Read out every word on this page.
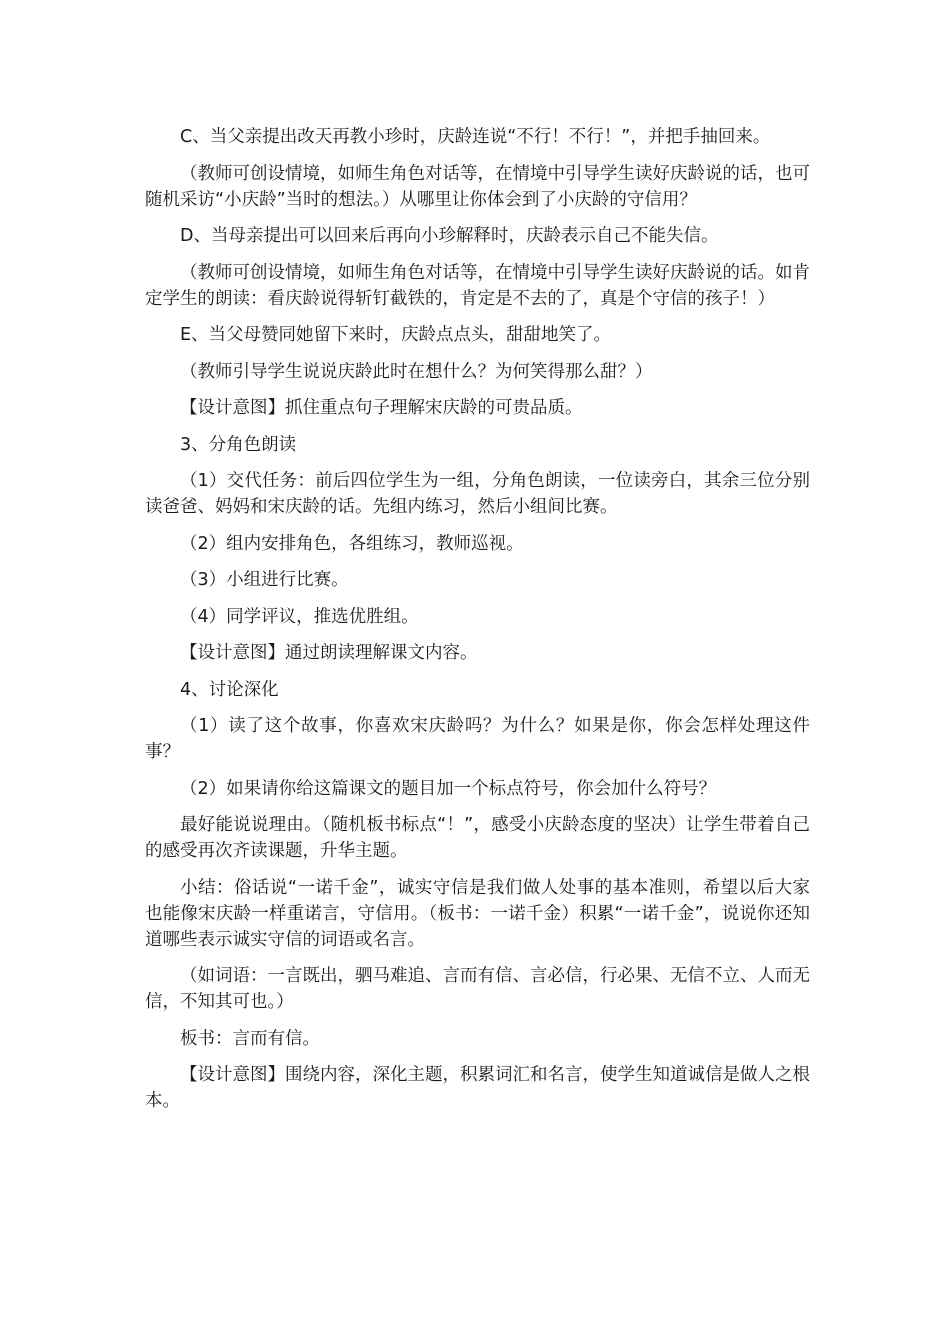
C、当父亲提出改天再教小珍时，庆龄连说“不行！不行！”，并把手抽回来。

（教师可创设情境，如师生角色对话等，在情境中引导学生读好庆龄说的话，也可随机采访“小庆龄”当时的想法。）从哪里让你体会到了小庆龄的守信用？

D、当母亲提出可以回来后再向小珍解释时，庆龄表示自己不能失信。

（教师可创设情境，如师生角色对话等，在情境中引导学生读好庆龄说的话。如肯定学生的朗读：看庆龄说得斩钉截铁的，肯定是不去的了，真是个守信的孩子！）

E、当父母赞同她留下来时，庆龄点点头，甜甜地笑了。

（教师引导学生说说庆龄此时在想什么？为何笑得那么甜？）

【设计意图】抓住重点句子理解宋庆龄的可贵品质。

3、分角色朗读

（1）交代任务：前后四位学生为一组，分角色朗读，一位读旁白，其余三位分别读爸爸、妈妈和宋庆龄的话。先组内练习，然后小组间比赛。

（2）组内安排角色，各组练习，教师巡视。

（3）小组进行比赛。

（4）同学评议，推选优胜组。

【设计意图】通过朗读理解课文内容。

4、讨论深化

（1）读了这个故事，你喜欢宋庆龄吗？为什么？如果是你，你会怎样处理这件事？

（2）如果请你给这篇课文的题目加一个标点符号，你会加什么符号？

最好能说说理由。（随机板书标点“！”，感受小庆龄态度的坚决）让学生带着自己的感受再次齐读课题，升华主题。

小结：俗话说“一诺千金”，诚实守信是我们做人处事的基本准则，希望以后大家也能像宋庆龄一样重诺言，守信用。（板书：一诺千金）积累“一诺千金”，说说你还知道哪些表示诚实守信的词语或名言。

（如词语：一言既出，驷马难追、言而有信、言必信，行必果、无信不立、人而无信，不知其可也。）

板书：言而有信。

【设计意图】围绕内容，深化主题，积累词汇和名言，使学生知道诚信是做人之根本。
